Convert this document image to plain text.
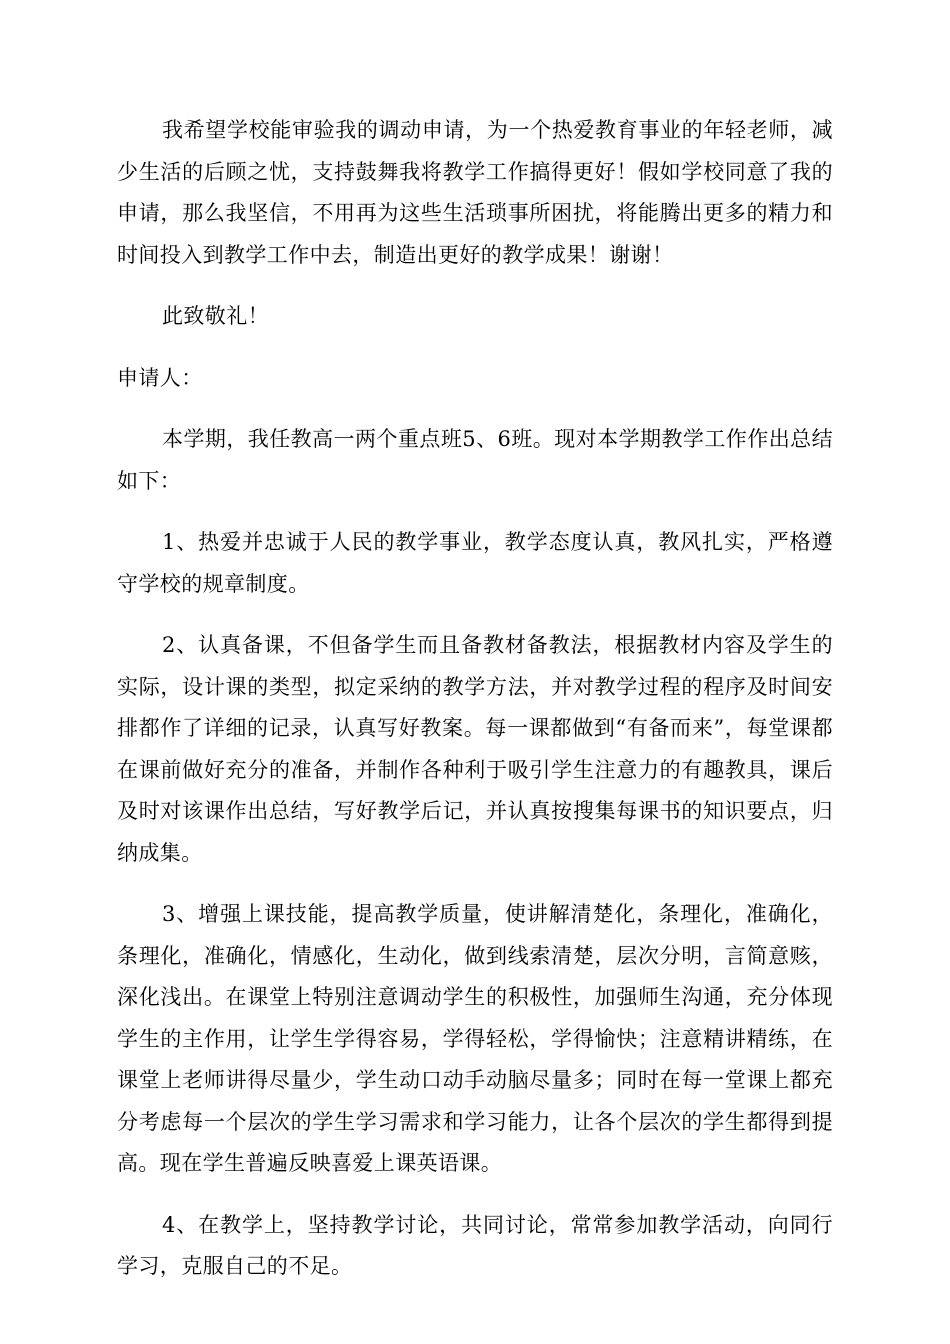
我希望学校能审验我的调动申请，为一个热爱教育事业的年轻老师，减少生活的后顾之忧，支持鼓舞我将教学工作搞得更好！假如学校同意了我的申请，那么我坚信，不用再为这些生活琐事所困扰，将能腾出更多的精力和时间投入到教学工作中去，制造出更好的教学成果！谢谢！

此致敬礼！

申请人：

本学期，我任教高一两个重点班5、6班。现对本学期教学工作作出总结如下：

1、热爱并忠诚于人民的教学事业，教学态度认真，教风扎实，严格遵守学校的规章制度。

2、认真备课，不但备学生而且备教材备教法，根据教材内容及学生的实际，设计课的类型，拟定采纳的教学方法，并对教学过程的程序及时间安排都作了详细的记录，认真写好教案。每一课都做到“有备而来”，每堂课都在课前做好充分的准备，并制作各种利于吸引学生注意力的有趣教具，课后及时对该课作出总结，写好教学后记，并认真按搜集每课书的知识要点，归纳成集。

3、增强上课技能，提高教学质量，使讲解清楚化，条理化，准确化，条理化，准确化，情感化，生动化，做到线索清楚，层次分明，言简意赅，深化浅出。在课堂上特别注意调动学生的积极性，加强师生沟通，充分体现学生的主作用，让学生学得容易，学得轻松，学得愉快；注意精讲精练，在课堂上老师讲得尽量少，学生动口动手动脑尽量多；同时在每一堂课上都充分考虑每一个层次的学生学习需求和学习能力，让各个层次的学生都得到提高。现在学生普遍反映喜爱上课英语课。

4、在教学上，坚持教学讨论，共同讨论，常常参加教学活动，向同行学习，克服自己的不足。
